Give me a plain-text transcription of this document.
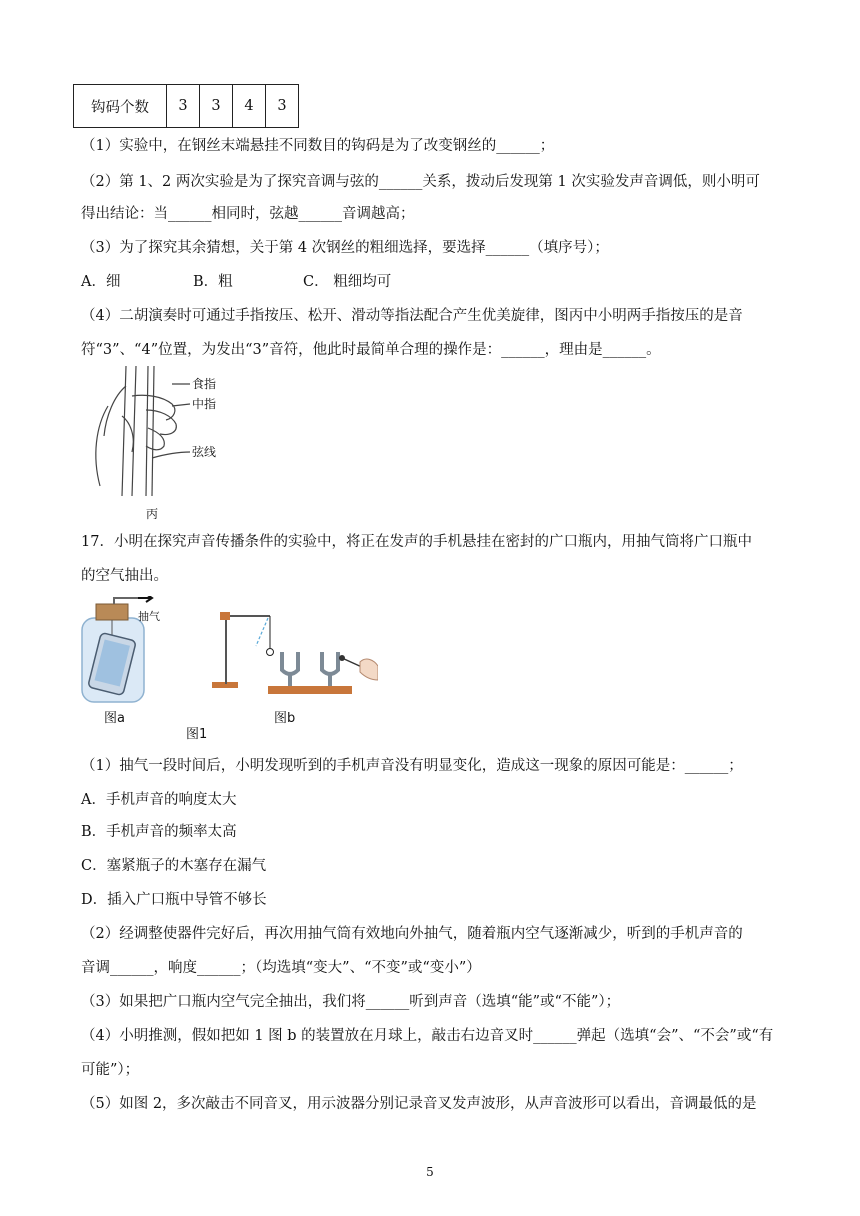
钩码个数	3	3	4	3
（1）实验中，在钢丝末端悬挂不同数目的钩码是为了改变钢丝的______；
（2）第 1、2 两次实验是为了探究音调与弦的______关系，拨动后发现第 1 次实验发声音调低，则小明可
得出结论：当______相同时，弦越______音调越高；
（3）为了探究其余猜想，关于第 4 次钢丝的粗细选择，要选择______（填序号）；
A．细	B．粗	C． 粗细均可
（4）二胡演奏时可通过手指按压、松开、滑动等指法配合产生优美旋律，图丙中小明两手指按压的是音
符“3”、“4”位置，为发出“3”音符，他此时最简单合理的操作是：______，理由是______。
食指
中指
弦线
丙
17．小明在探究声音传播条件的实验中，将正在发声的手机悬挂在密封的广口瓶内，用抽气筒将广口瓶中
的空气抽出。
抽气
图a	图b
图1
（1）抽气一段时间后，小明发现听到的手机声音没有明显变化，造成这一现象的原因可能是：______；
A．手机声音的响度太大
B．手机声音的频率太高
C．塞紧瓶子的木塞存在漏气
D．插入广口瓶中导管不够长
（2）经调整使器件完好后，再次用抽气筒有效地向外抽气，随着瓶内空气逐渐减少，听到的手机声音的
音调______，响度______；（均选填“变大”、“不变”或“变小”）
（3）如果把广口瓶内空气完全抽出，我们将______听到声音（选填“能”或“不能”）；
（4）小明推测，假如把如 1 图 b 的装置放在月球上，敲击右边音叉时______弹起（选填“会”、“不会”或“有
可能”）；
（5）如图 2，多次敲击不同音叉，用示波器分别记录音叉发声波形，从声音波形可以看出，音调最低的是
5
